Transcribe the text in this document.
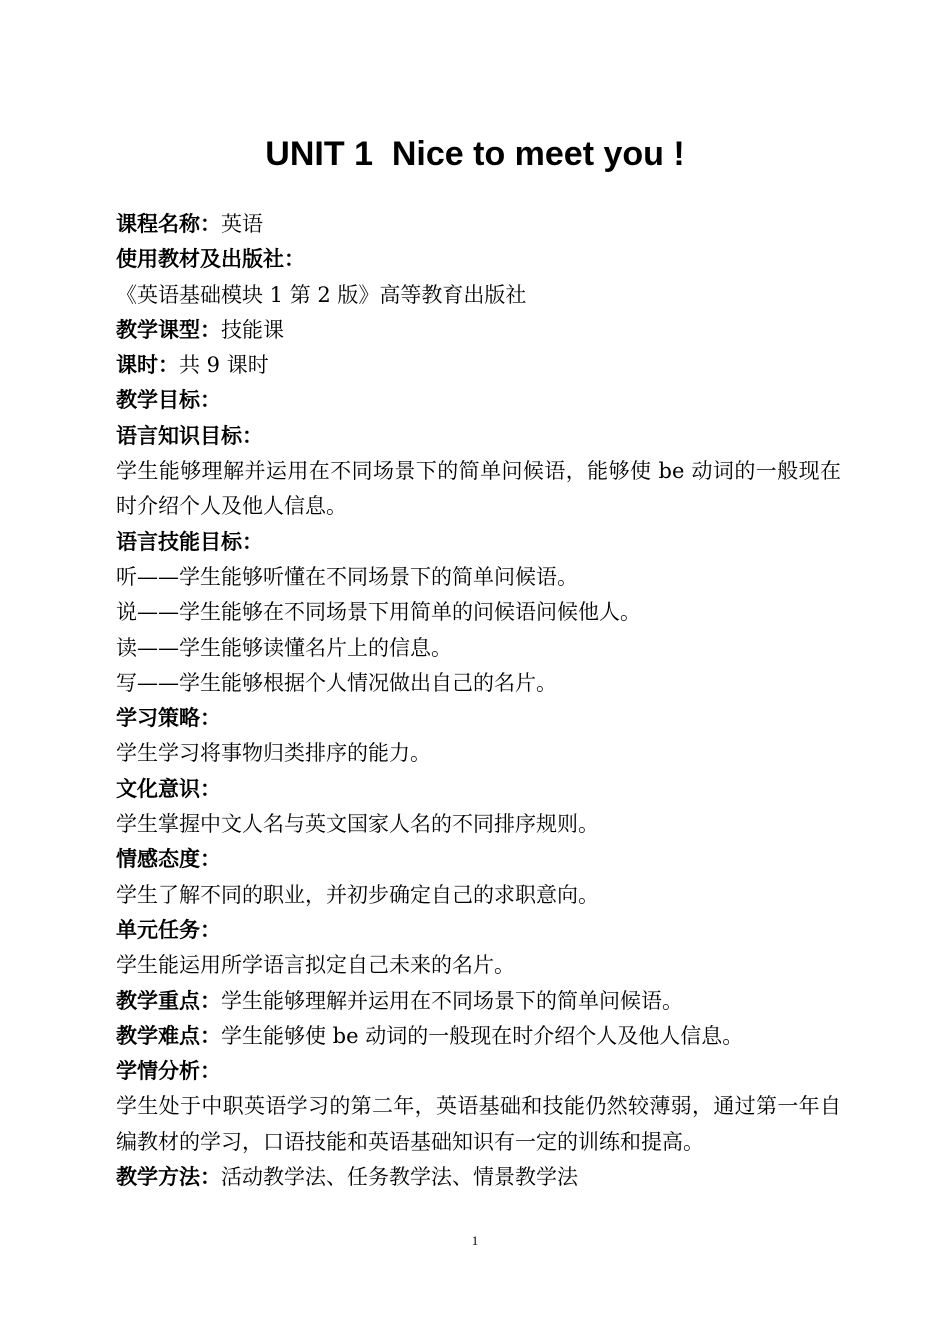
UNIT 1  Nice to meet you !
课程名称：英语
使用教材及出版社：
《英语基础模块 1 第 2 版》高等教育出版社
教学课型：技能课
课时：共 9 课时
教学目标：
语言知识目标：
学生能够理解并运用在不同场景下的简单问候语，能够使 be 动词的一般现在时介绍个人及他人信息。
语言技能目标：
听——学生能够听懂在不同场景下的简单问候语。
说——学生能够在不同场景下用简单的问候语问候他人。
读——学生能够读懂名片上的信息。
写——学生能够根据个人情况做出自己的名片。
学习策略：
学生学习将事物归类排序的能力。
文化意识：
学生掌握中文人名与英文国家人名的不同排序规则。
情感态度：
学生了解不同的职业，并初步确定自己的求职意向。
单元任务：
学生能运用所学语言拟定自己未来的名片。
教学重点：学生能够理解并运用在不同场景下的简单问候语。
教学难点：学生能够使 be 动词的一般现在时介绍个人及他人信息。
学情分析：
学生处于中职英语学习的第二年，英语基础和技能仍然较薄弱，通过第一年自编教材的学习，口语技能和英语基础知识有一定的训练和提高。
教学方法：活动教学法、任务教学法、情景教学法
1
